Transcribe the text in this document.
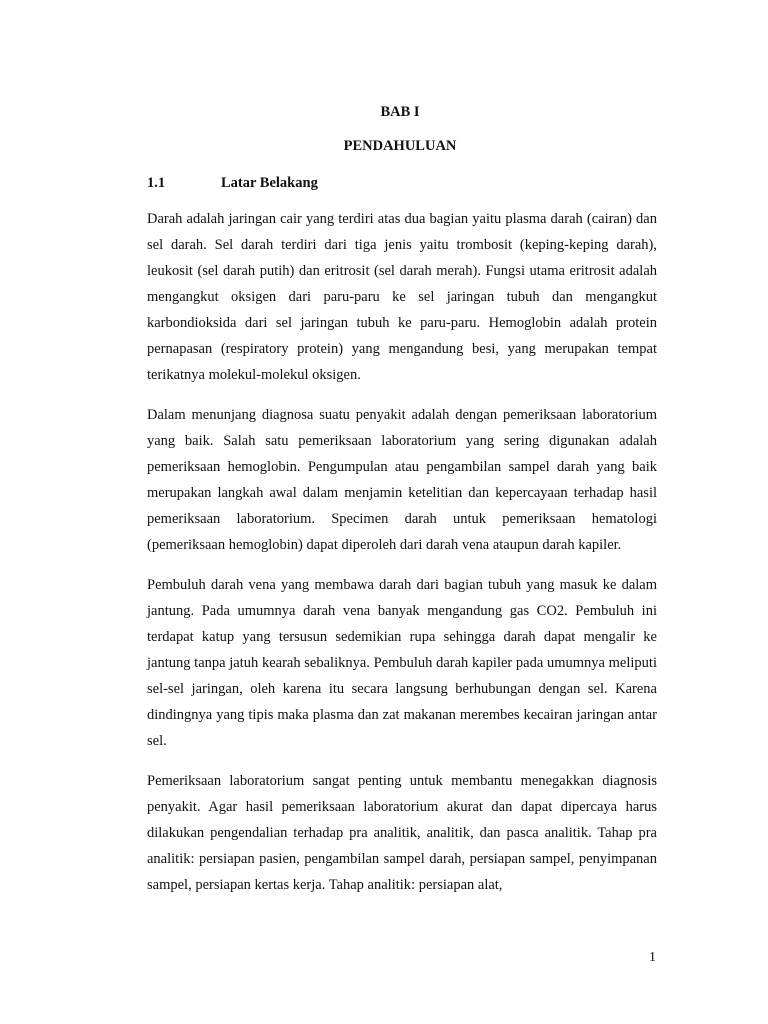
BAB I
PENDAHULUAN
1.1	Latar Belakang

Darah adalah jaringan cair yang terdiri atas dua bagian yaitu plasma darah (cairan) dan sel darah. Sel darah terdiri dari tiga jenis yaitu trombosit (keping-keping darah), leukosit (sel darah putih) dan eritrosit (sel darah merah). Fungsi utama eritrosit adalah mengangkut oksigen dari paru-paru ke sel jaringan tubuh dan mengangkut karbondioksida dari sel jaringan tubuh ke paru-paru. Hemoglobin adalah protein pernapasan (respiratory protein) yang mengandung besi, yang merupakan tempat terikatnya molekul-molekul oksigen.

Dalam menunjang diagnosa suatu penyakit adalah dengan pemeriksaan laboratorium yang baik. Salah satu pemeriksaan laboratorium yang sering digunakan adalah pemeriksaan hemoglobin. Pengumpulan atau pengambilan sampel darah yang baik merupakan langkah awal dalam menjamin ketelitian dan kepercayaan terhadap hasil pemeriksaan laboratorium. Specimen darah untuk pemeriksaan hematologi (pemeriksaan hemoglobin) dapat diperoleh dari darah vena ataupun darah kapiler.

Pembuluh darah vena yang membawa darah dari bagian tubuh yang masuk ke dalam jantung. Pada umumnya darah vena banyak mengandung gas CO2. Pembuluh ini terdapat katup yang tersusun sedemikian rupa sehingga darah dapat mengalir ke jantung tanpa jatuh kearah sebaliknya. Pembuluh darah kapiler pada umumnya meliputi sel-sel jaringan, oleh karena itu secara langsung berhubungan dengan sel. Karena dindingnya yang tipis maka plasma dan zat makanan merembes kecairan jaringan antar sel.

Pemeriksaan laboratorium sangat penting untuk membantu menegakkan diagnosis penyakit. Agar hasil pemeriksaan laboratorium akurat dan dapat dipercaya harus dilakukan pengendalian terhadap pra analitik, analitik, dan pasca analitik. Tahap pra analitik: persiapan pasien, pengambilan sampel darah, persiapan sampel, penyimpanan sampel, persiapan kertas kerja. Tahap analitik: persiapan alat,

1
